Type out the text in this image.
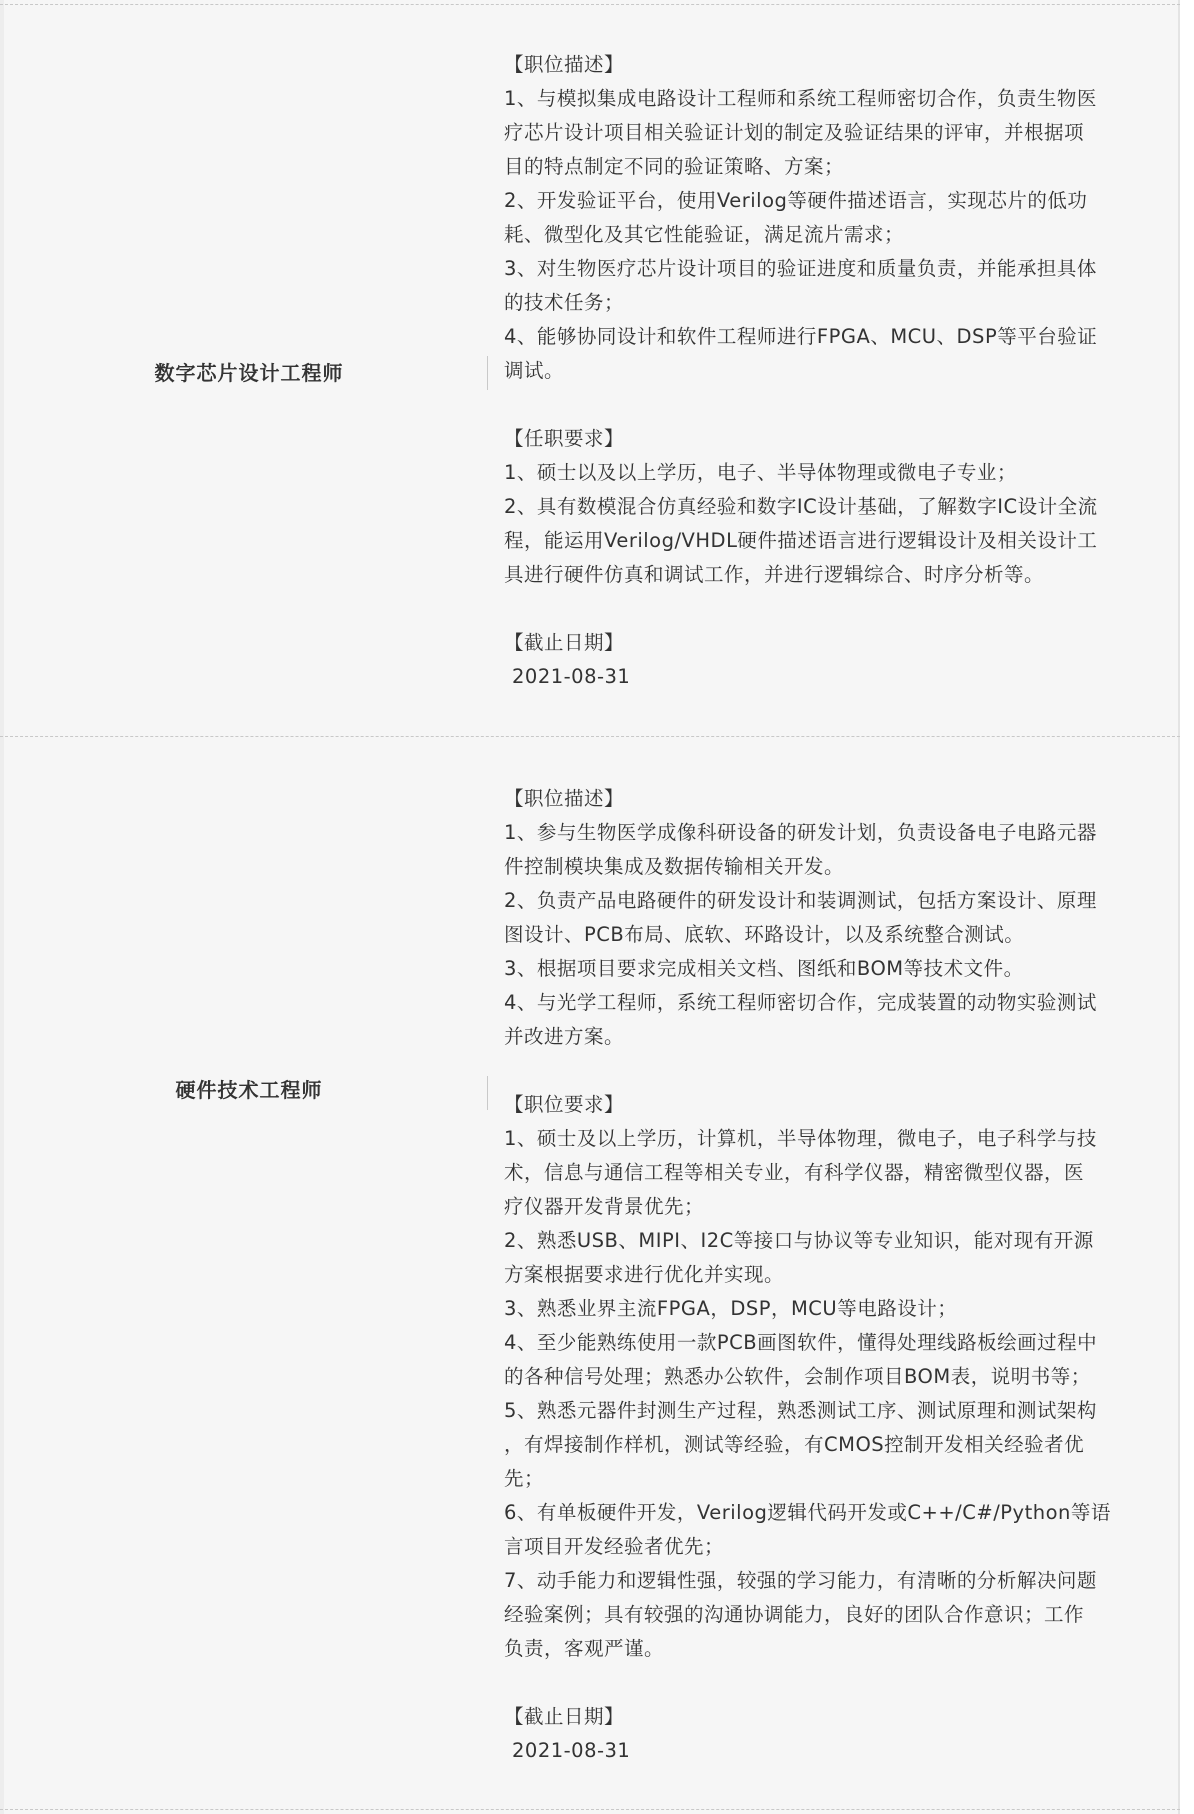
数字芯片设计工程师
【职位描述】
1、与模拟集成电路设计工程师和系统工程师密切合作，负责生物医
疗芯片设计项目相关验证计划的制定及验证结果的评审，并根据项
目的特点制定不同的验证策略、方案；
2、开发验证平台，使用Verilog等硬件描述语言，实现芯片的低功
耗、微型化及其它性能验证，满足流片需求；
3、对生物医疗芯片设计项目的验证进度和质量负责，并能承担具体
的技术任务；
4、能够协同设计和软件工程师进行FPGA、MCU、DSP等平台验证
调试。
【任职要求】
1、硕士以及以上学历，电子、半导体物理或微电子专业；
2、具有数模混合仿真经验和数字IC设计基础，了解数字IC设计全流
程，能运用Verilog/VHDL硬件描述语言进行逻辑设计及相关设计工
具进行硬件仿真和调试工作，并进行逻辑综合、时序分析等。
【截止日期】
2021-08-31
硬件技术工程师
【职位描述】
1、参与生物医学成像科研设备的研发计划，负责设备电子电路元器
件控制模块集成及数据传输相关开发。
2、负责产品电路硬件的研发设计和装调测试，包括方案设计、原理
图设计、PCB布局、底软、环路设计，以及系统整合测试。
3、根据项目要求完成相关文档、图纸和BOM等技术文件。
4、与光学工程师，系统工程师密切合作，完成装置的动物实验测试
并改进方案。
【职位要求】
1、硕士及以上学历，计算机，半导体物理，微电子，电子科学与技
术，信息与通信工程等相关专业，有科学仪器，精密微型仪器，医
疗仪器开发背景优先；
2、熟悉USB、MIPI、I2C等接口与协议等专业知识，能对现有开源
方案根据要求进行优化并实现。
3、熟悉业界主流FPGA，DSP，MCU等电路设计；
4、至少能熟练使用一款PCB画图软件，懂得处理线路板绘画过程中
的各种信号处理；熟悉办公软件，会制作项目BOM表，说明书等；
5、熟悉元器件封测生产过程，熟悉测试工序、测试原理和测试架构
，有焊接制作样机，测试等经验，有CMOS控制开发相关经验者优
先；
6、有单板硬件开发，Verilog逻辑代码开发或C++/C#/Python等语
言项目开发经验者优先；
7、动手能力和逻辑性强，较强的学习能力，有清晰的分析解决问题
经验案例；具有较强的沟通协调能力，良好的团队合作意识；工作
负责，客观严谨。
【截止日期】
2021-08-31
